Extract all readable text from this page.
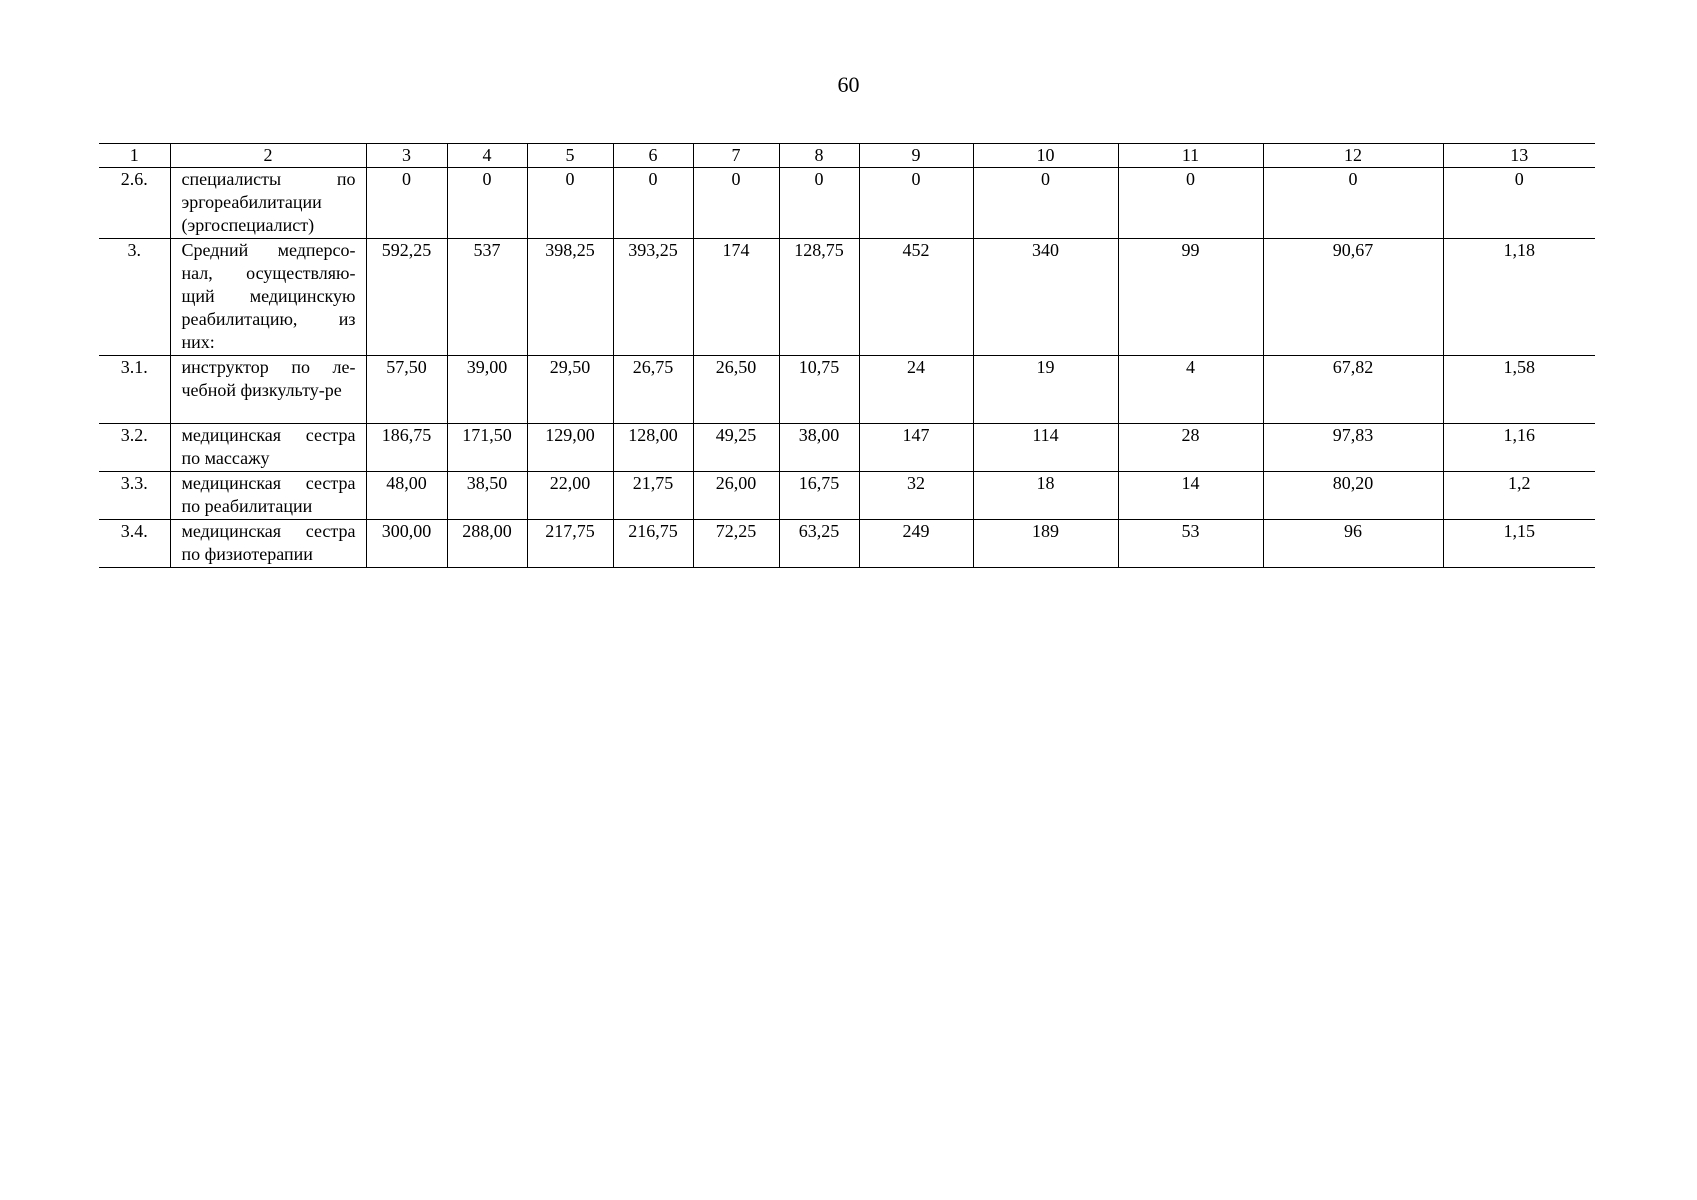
60
1	2	3	4	5	6	7	8	9	10	11	12	13
2.6.	специалисты по эргореабилитации (эргоспециалист)	0	0	0	0	0	0	0	0	0	0	0
3.	Средний медперсо-нал, осуществляю-щий медицинскую реабилитацию, из них:	592,25	537	398,25	393,25	174	128,75	452	340	99	90,67	1,18
3.1.	инструктор по ле-чебной физкульту-ре	57,50	39,00	29,50	26,75	26,50	10,75	24	19	4	67,82	1,58
3.2.	медицинская сестра по массажу	186,75	171,50	129,00	128,00	49,25	38,00	147	114	28	97,83	1,16
3.3.	медицинская сестра по реабилитации	48,00	38,50	22,00	21,75	26,00	16,75	32	18	14	80,20	1,2
3.4.	медицинская сестра по физиотерапии	300,00	288,00	217,75	216,75	72,25	63,25	249	189	53	96	1,15
